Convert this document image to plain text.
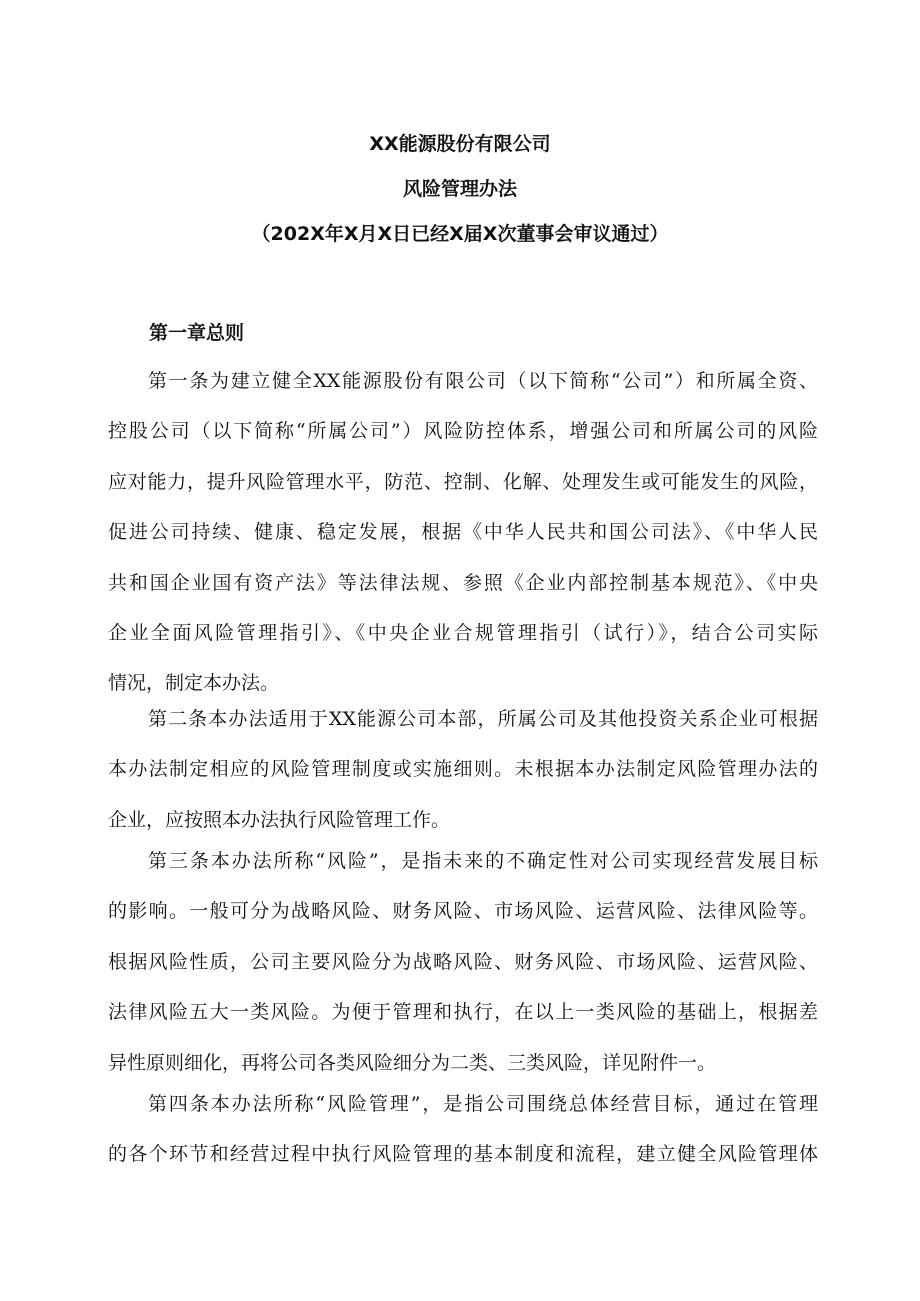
XX能源股份有限公司
风险管理办法
（202X年X月X日已经X届X次董事会审议通过）
第一章总则
第一条为建立健全XX能源股份有限公司（以下简称“公司”）和所属全资、
控股公司（以下简称“所属公司”）风险防控体系，增强公司和所属公司的风险
应对能力，提升风险管理水平，防范、控制、化解、处理发生或可能发生的风险，
促进公司持续、健康、稳定发展，根据《中华人民共和国公司法》、《中华人民
共和国企业国有资产法》等法律法规、参照《企业内部控制基本规范》、《中央
企业全面风险管理指引》、《中央企业合规管理指引（试行）》，结合公司实际
情况，制定本办法。
第二条本办法适用于XX能源公司本部，所属公司及其他投资关系企业可根据
本办法制定相应的风险管理制度或实施细则。未根据本办法制定风险管理办法的
企业，应按照本办法执行风险管理工作。
第三条本办法所称“风险”，是指未来的不确定性对公司实现经营发展目标
的影响。一般可分为战略风险、财务风险、市场风险、运营风险、法律风险等。
根据风险性质，公司主要风险分为战略风险、财务风险、市场风险、运营风险、
法律风险五大一类风险。为便于管理和执行，在以上一类风险的基础上，根据差
异性原则细化，再将公司各类风险细分为二类、三类风险，详见附件一。
第四条本办法所称“风险管理”，是指公司围绕总体经营目标，通过在管理
的各个环节和经营过程中执行风险管理的基本制度和流程，建立健全风险管理体
